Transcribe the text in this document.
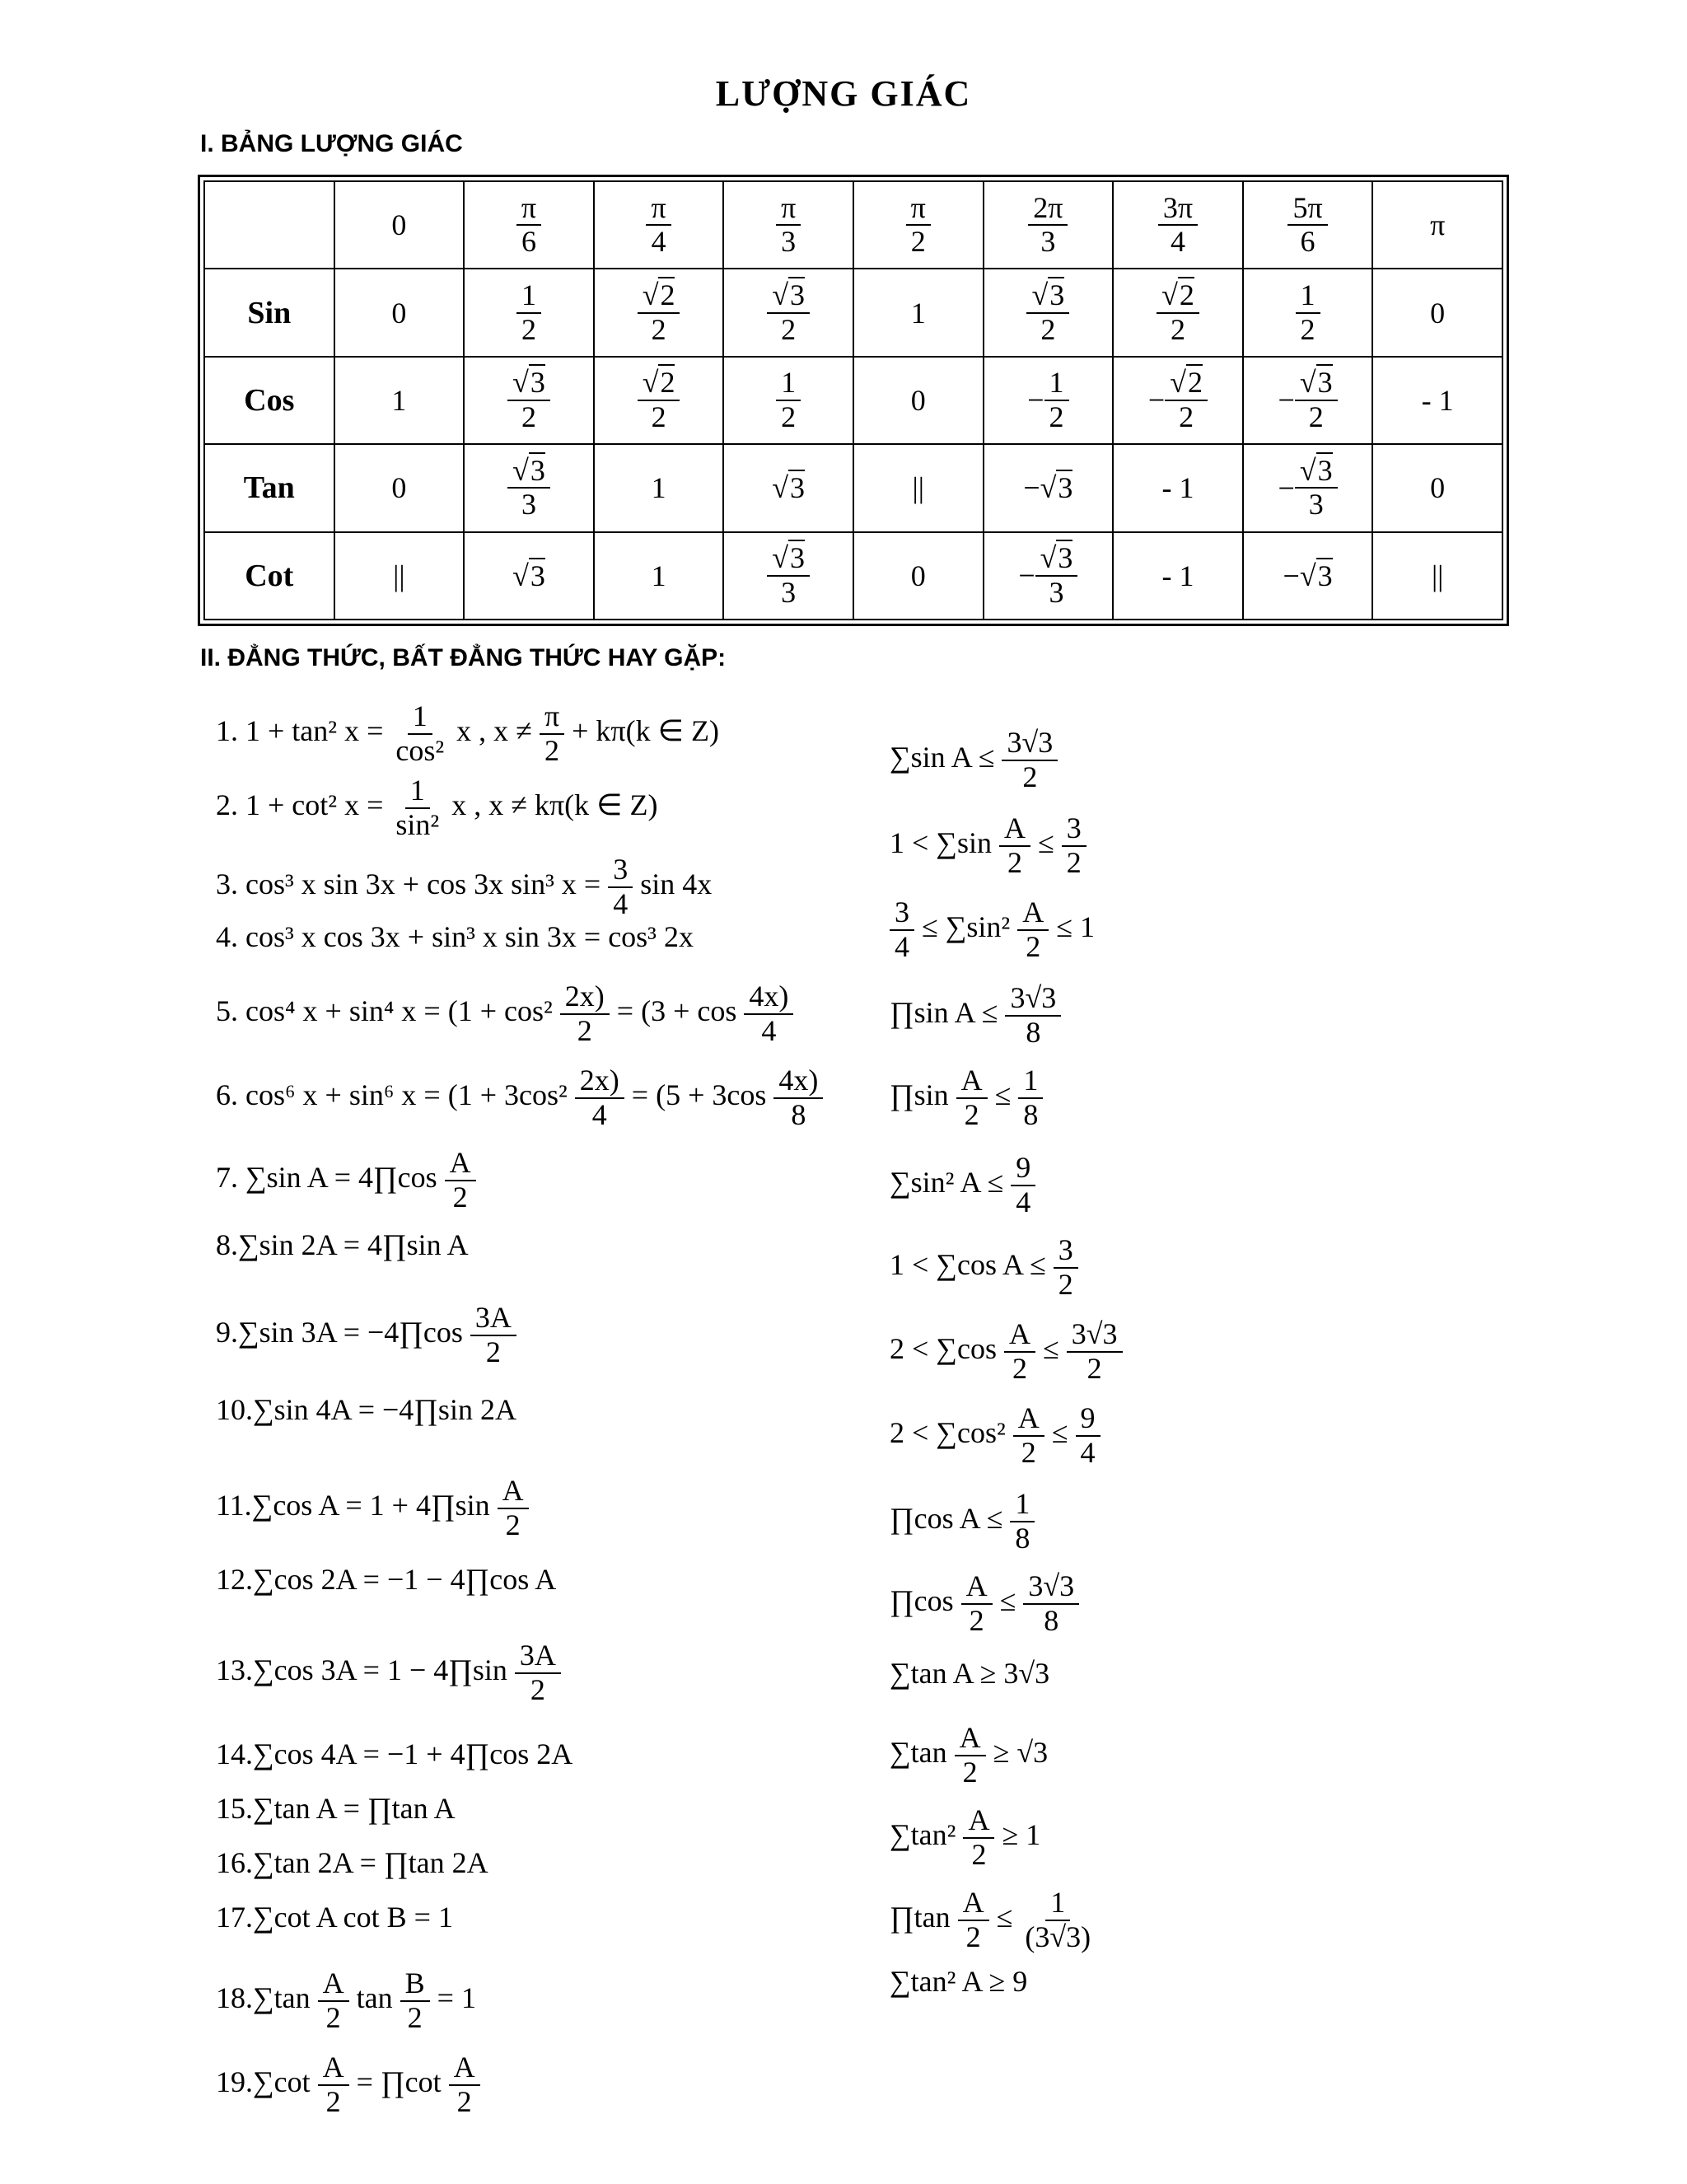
LƯỢNG GIÁC
I. BẢNG LƯỢNG GIÁC
	0	$\frac{\pi}{6}$	$\frac{\pi}{4}$	$\frac{\pi}{3}$	$\frac{\pi}{2}$	$\frac{2\pi}{3}$	$\frac{3\pi}{4}$	$\frac{5\pi}{6}$	π
Sin	0	$\frac{1}{2}$	$\frac{√2}{2}$	$\frac{√3}{2}$	1	$\frac{√3}{2}$	$\frac{√2}{2}$	$\frac{1}{2}$	0
Cos	1	$\frac{√3}{2}$	$\frac{√2}{2}$	$\frac{1}{2}$	0	− $\frac{1}{2}$	− $\frac{√2}{2}$	− $\frac{√3}{2}$	- 1
Tan	0	$\frac{√3}{3}$	1	√3	||	−√3	- 1	− $\frac{√3}{3}$	0
Cot	||	√3	1	$\frac{√3}{3}$	0	− $\frac{√3}{3}$	- 1	−√3	||
II. ĐẲNG THỨC, BẤT ĐẲNG THỨC HAY GẶP:
1. 1 + tan² $x = \frac{1}{\text{cos²}}$ x , $x \ne \frac{\pi}{2} + k\pi(k$ ∈ Z)
2. 1 + cot² $x = \frac{1}{\text{sin²}}$ x , x ≠ kπ(k ∈ Z)
3. cos³ x sin 3x + cos 3x sin³ $x = \frac{3}{4}$ sin 4x
4. cos³ x cos 3x + sin³ x sin 3x = cos³ 2x
5. cos⁴ x + sin⁴ $x = (1 + \cos^2 \frac{2x)}{2} = (3 + \cos \frac{4x)}{4}$
6. cos⁶ x + sin⁶ $x = (1 + 3\cos^2 \frac{2x)}{4} = (5 + 3\cos \frac{4x)}{8}$
7. ∑sin A = 4∏cos $\frac{A}{2}$
8.∑sin 2A = 4∏sin A
9.∑sin 3A = −4∏cos $\frac{3A}{2}$
10.∑sin 4A = −4∏sin 2A
11.∑cos A = 1 + 4∏sin $\frac{A}{2}$
12.∑cos 2A = −1 − 4∏cos A
13.∑cos 3A = 1 − 4∏sin $\frac{3A}{2}$
14.∑cos 4A = −1 + 4∏cos 2A
15.∑tan A = ∏tan A
16.∑tan 2A = ∏tan 2A
17.∑cot A cot B = 1
$18.\sum\tan \frac{A}{2}$ $\tan \frac{B}{2} = 1$
$19.\sum\cot \frac{A}{2}$ = ∏cot $\frac{A}{2}$
∑sin $A \le \frac{3√3}{2}$
$1 < \sum\sin \frac{A}{2} \le \frac{3}{2}$
$\frac{3}{4} \le \sum\sin^2 \frac{A}{2} \le 1$
∏sin $A \le \frac{3√3}{8}$
∏sin $\frac{A}{2} \le \frac{1}{8}$
∑sin² $A \le \frac{9}{4}$
1 < ∑cos $A \le \frac{3}{2}$
$2 < \sum\cos \frac{A}{2} \le \frac{3√3}{2}$
$2 < \sum\cos^2 \frac{A}{2} \le \frac{9}{4}$
∏cos $A \le \frac{1}{8}$
∏cos $\frac{A}{2} \le \frac{3√3}{8}$
∑tan A ≥ 3√3
$\sum\tan \frac{A}{2} \ge √3$
$\sum\tan^2 \frac{A}{2} \ge 1$
∏tan $\frac{A}{2} \le \frac{1}{(3√3)}$
∑tan² A ≥ 9
